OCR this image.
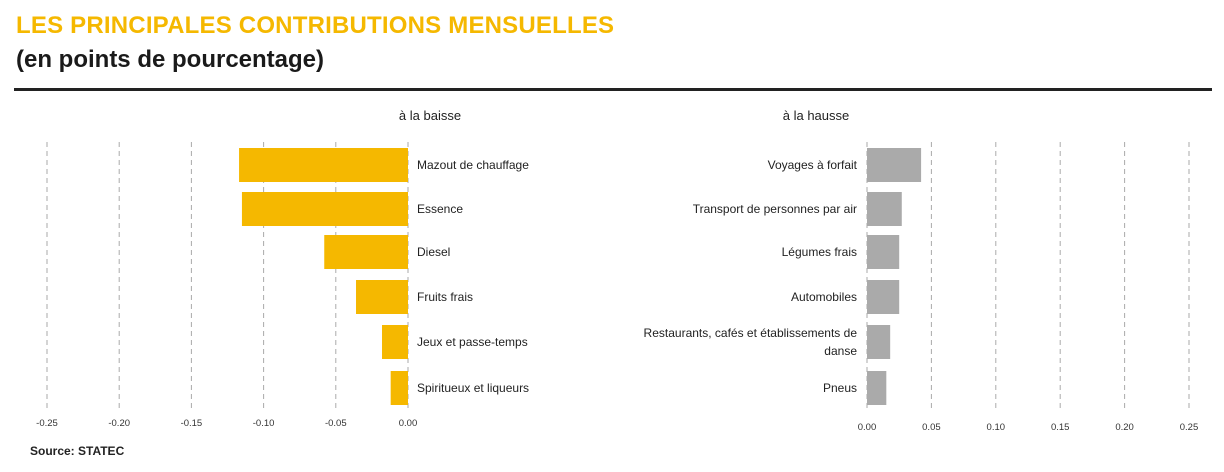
LES PRINCIPALES CONTRIBUTIONS MENSUELLES
(en points de pourcentage)
à la baisse
-0.25	-0.20	-0.15	-0.10	-0.05	0.00
Mazout de chauffage
Essence
Diesel
Fruits frais
Jeux et passe-temps
Spiritueux et liqueurs
à la hausse
0.00	0.05	0.10	0.15	0.20	0.25
Voyages à forfait
Transport de personnes par air
Légumes frais
Automobiles
Restaurants, cafés et établissements de danse
Pneus
Source: STATEC
